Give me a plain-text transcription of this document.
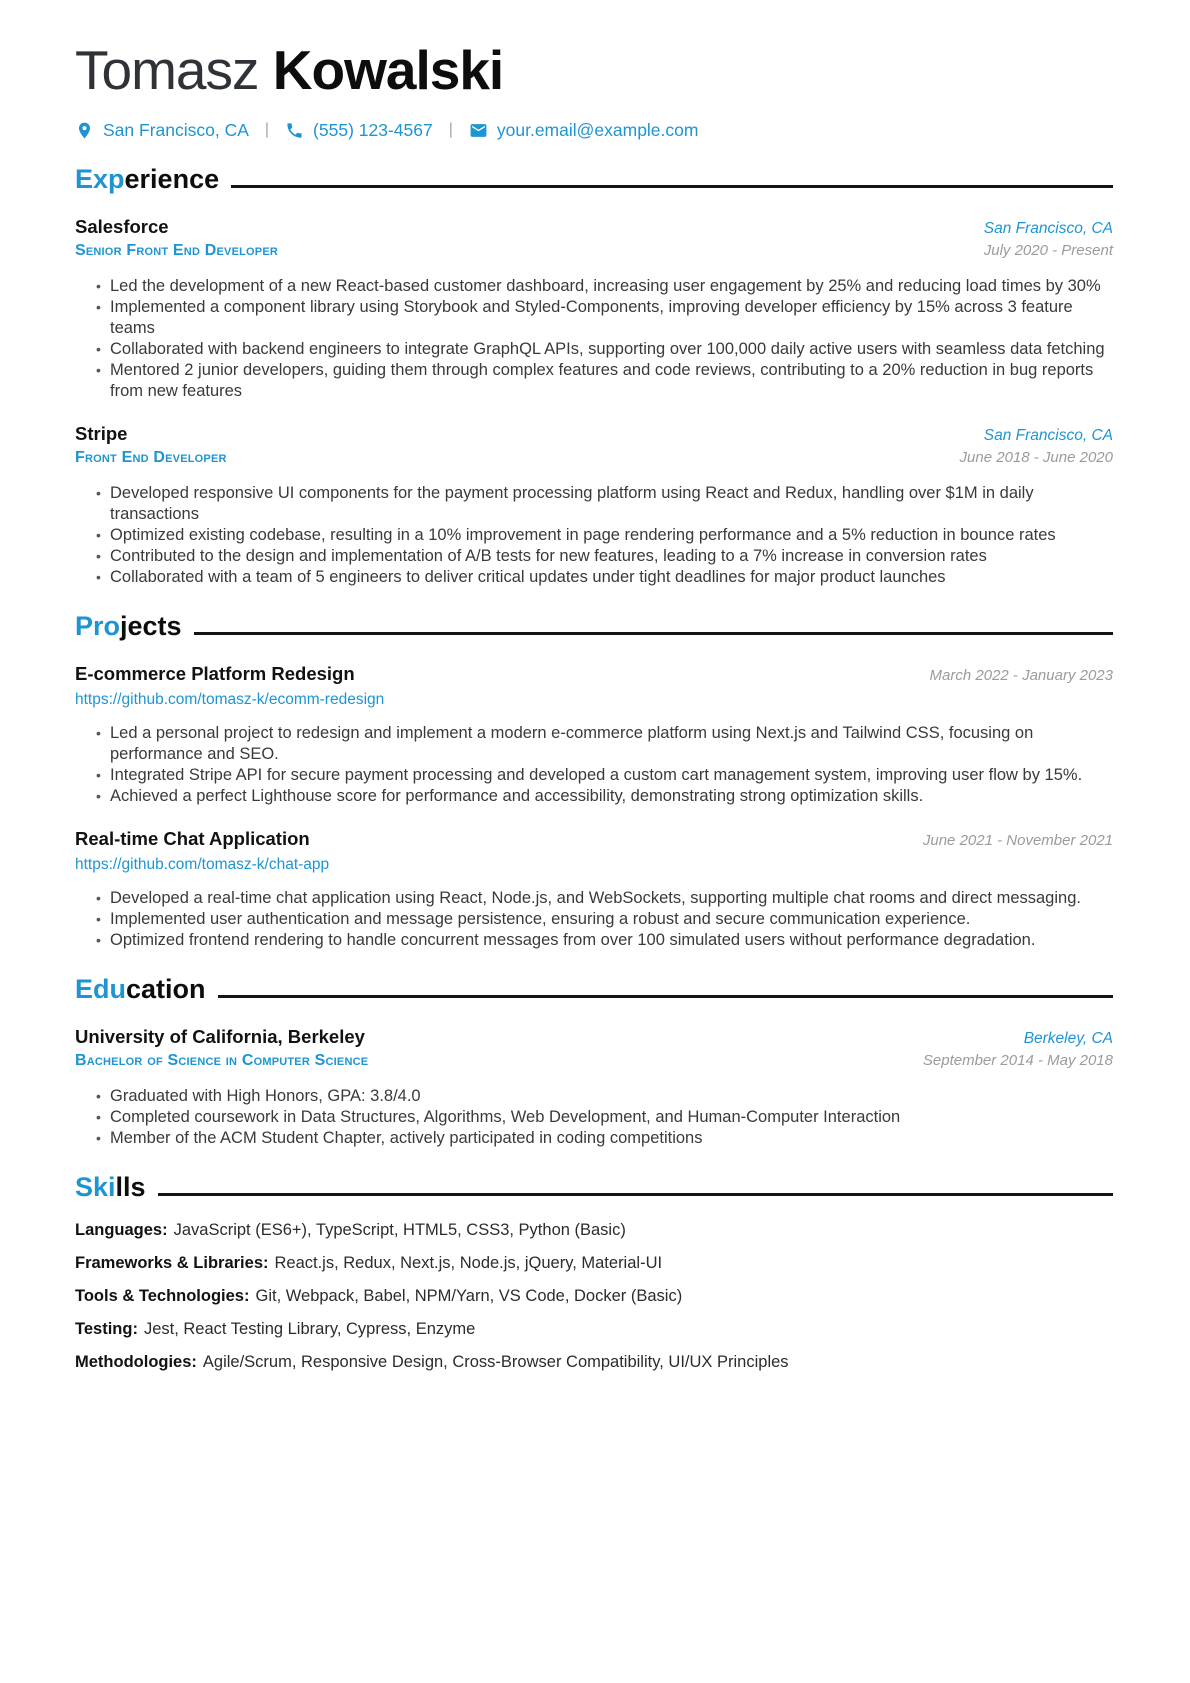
Tomasz Kowalski
San Francisco, CA |	(555) 123-4567 |	your.email@example.com
Exp erience
Salesforce	San Francisco, CA
Senior Front End Developer	July 2020 - Present
• Led the development of a new React-based customer dashboard, increasing user engagement by 25% and reducing load times by 30%
• Implemented a component library using Storybook and Styled-Components, improving developer efficiency by 15% across 3 feature teams
• Collaborated with backend engineers to integrate GraphQL APIs, supporting over 100,000 daily active users with seamless data fetching
• Mentored 2 junior developers, guiding them through complex features and code reviews, contributing to a 20% reduction in bug reports from new features
Stripe	San Francisco, CA
Front End Developer	June 2018 - June 2020
• Developed responsive UI components for the payment processing platform using React and Redux, handling over $1M in daily transactions
• Optimized existing codebase, resulting in a 10% improvement in page rendering performance and a 5% reduction in bounce rates
• Contributed to the design and implementation of A/B tests for new features, leading to a 7% increase in conversion rates
• Collaborated with a team of 5 engineers to deliver critical updates under tight deadlines for major product launches
Pro jects
E-commerce Platform Redesign	March 2022 - January 2023
https://github.com/tomasz-k/ecomm-redesign
• Led a personal project to redesign and implement a modern e-commerce platform using Next.js and Tailwind CSS, focusing on performance and SEO.
• Integrated Stripe API for secure payment processing and developed a custom cart management system, improving user flow by 15%.
• Achieved a perfect Lighthouse score for performance and accessibility, demonstrating strong optimization skills.
Real-time Chat Application	June 2021 - November 2021
https://github.com/tomasz-k/chat-app
• Developed a real-time chat application using React, Node.js, and WebSockets, supporting multiple chat rooms and direct messaging.
• Implemented user authentication and message persistence, ensuring a robust and secure communication experience.
• Optimized frontend rendering to handle concurrent messages from over 100 simulated users without performance degradation.
Edu cation
University of California, Berkeley	Berkeley, CA
Bachelor of Science in Computer Science	September 2014 - May 2018
• Graduated with High Honors, GPA: 3.8/4.0
• Completed coursework in Data Structures, Algorithms, Web Development, and Human-Computer Interaction
• Member of the ACM Student Chapter, actively participated in coding competitions
Ski lls
Languages: JavaScript (ES6+), TypeScript, HTML5, CSS3, Python (Basic)
Frameworks & Libraries: React.js, Redux, Next.js, Node.js, jQuery, Material-UI
Tools & Technologies: Git, Webpack, Babel, NPM/Yarn, VS Code, Docker (Basic)
Testing: Jest, React Testing Library, Cypress, Enzyme
Methodologies: Agile/Scrum, Responsive Design, Cross-Browser Compatibility, UI/UX Principles
